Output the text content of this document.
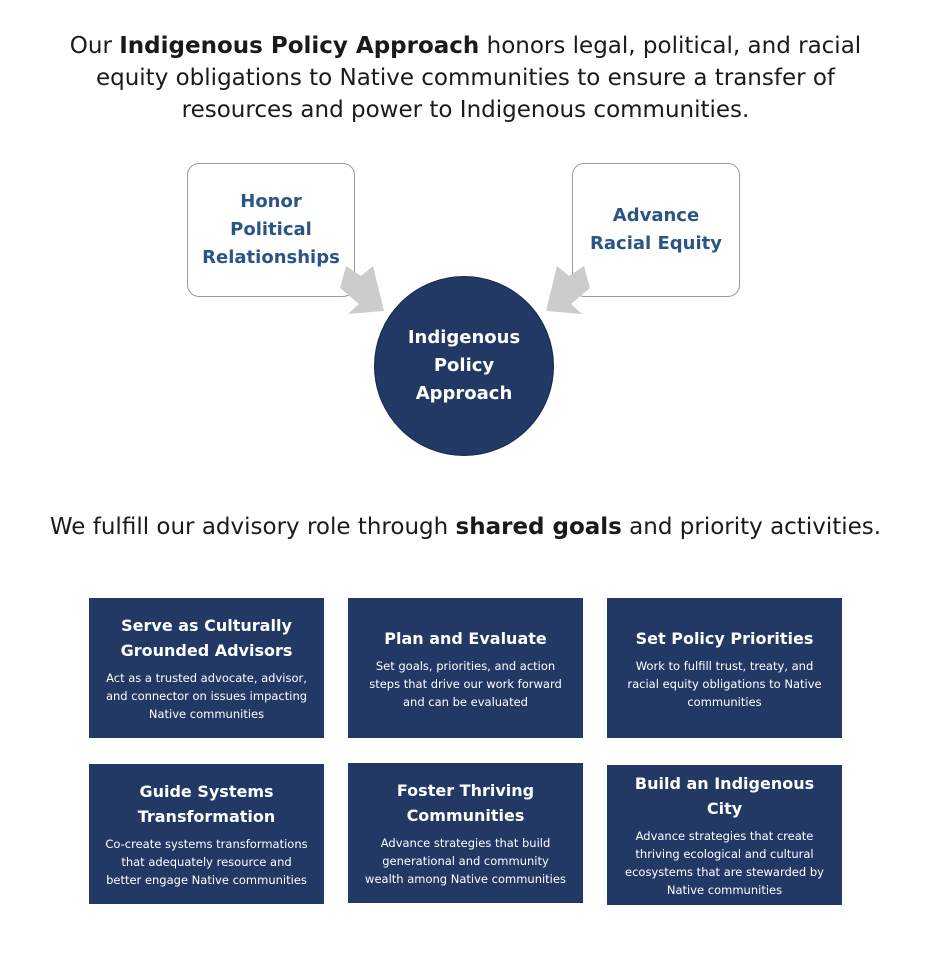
Our Indigenous Policy Approach honors legal, political, and racial equity obligations to Native communities to ensure a transfer of resources and power to Indigenous communities.
Honor Political Relationships
Advance Racial Equity
Indigenous Policy Approach
We fulfill our advisory role through shared goals and priority activities.
Serve as Culturally Grounded Advisors
Act as a trusted advocate, advisor, and connector on issues impacting Native communities
Plan and Evaluate
Set goals, priorities, and action steps that drive our work forward and can be evaluated
Set Policy Priorities
Work to fulfill trust, treaty, and racial equity obligations to Native communities
Guide Systems Transformation
Co-create systems transformations that adequately resource and better engage Native communities
Foster Thriving Communities
Advance strategies that build generational and community wealth among Native communities
Build an Indigenous City
Advance strategies that create thriving ecological and cultural ecosystems that are stewarded by Native communities
